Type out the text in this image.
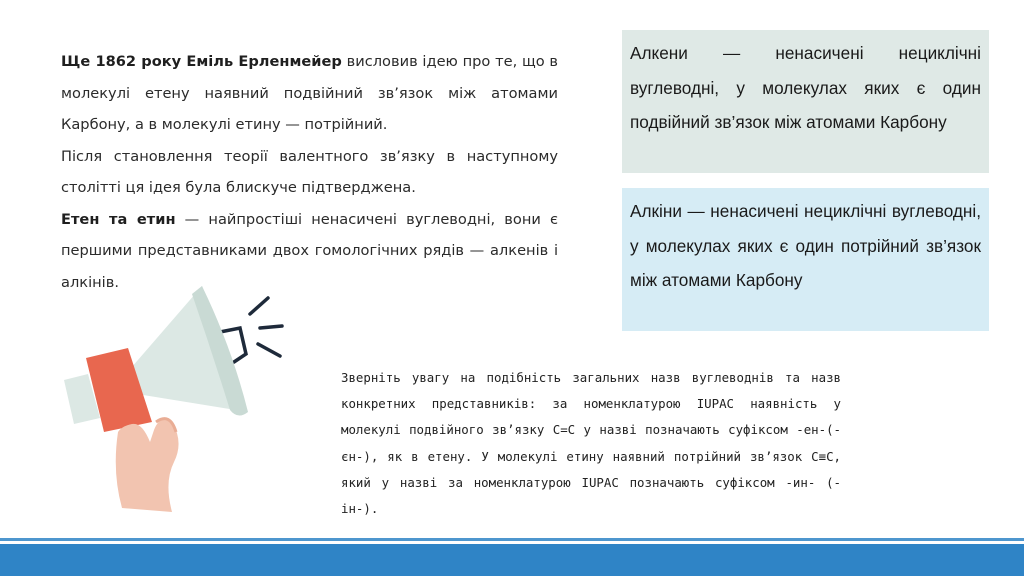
Ще 1862 року Еміль Ерленмейер висловив ідею про те, що в молекулі етену наявний подвійний зв’язок між атомами Карбону, а в молекулі етину — потрійний.

Після становлення теорії валентного зв’язку в наступному столітті ця ідея була блискуче підтверджена.

Етен та етин — найпростіші ненасичені вуглеводні, вони є першими представниками двох гомологічних рядів — алкенів і алкінів.

Алкени — ненасичені нециклічні вуглеводні, у молекулах яких є один подвійний зв’язок між атомами Карбону
Алкіни — ненасичені нециклічні вуглеводні, у молекулах яких є один потрійний зв’язок між атомами Карбону
Зверніть увагу на подібність загальних назв вуглеводнів та назв конкретних представників: за номенклатурою IUPAC наявність у молекулі подвійного зв’язку C=C у назві позначають суфіксом -ен-(-єн-), як в етену. У молекулі етину наявний потрійний зв’язок C≡C, який у назві за номенклатурою IUPAC позначають суфіксом -ин- (-ін-).
